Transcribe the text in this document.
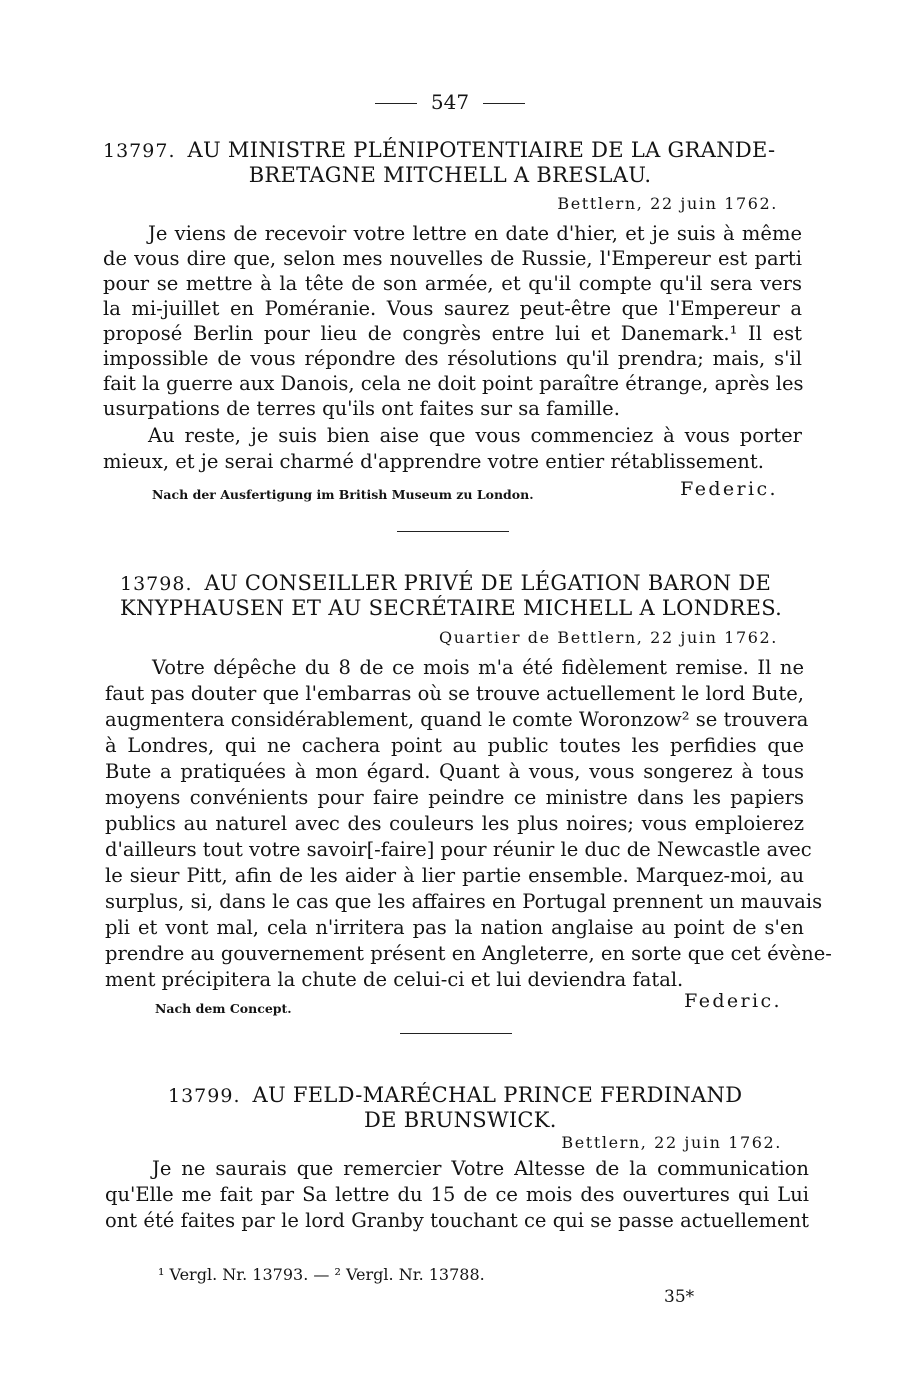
547
13797. AU MINISTRE PLÉNIPOTENTIAIRE DE LA GRANDE-
BRETAGNE MITCHELL A BRESLAU.
Bettlern, 22 juin 1762.
Je viens de recevoir votre lettre en date d'hier, et je suis à même
de vous dire que, selon mes nouvelles de Russie, l'Empereur est parti
pour se mettre à la tête de son armée, et qu'il compte qu'il sera vers
la mi-juillet en Poméranie. Vous saurez peut-être que l'Empereur a
proposé Berlin pour lieu de congrès entre lui et Danemark.¹ Il est
impossible de vous répondre des résolutions qu'il prendra; mais, s'il
fait la guerre aux Danois, cela ne doit point paraître étrange, après les
usurpations de terres qu'ils ont faites sur sa famille.
Au reste, je suis bien aise que vous commenciez à vous porter
mieux, et je serai charmé d'apprendre votre entier rétablissement.
Nach der Ausfertigung im British Museum zu London.	Federic.
13798. AU CONSEILLER PRIVÉ DE LÉGATION BARON DE
KNYPHAUSEN ET AU SECRÉTAIRE MICHELL A LONDRES.
Quartier de Bettlern, 22 juin 1762.
Votre dépêche du 8 de ce mois m'a été fidèlement remise. Il ne
faut pas douter que l'embarras où se trouve actuellement le lord Bute,
augmentera considérablement, quand le comte Woronzow² se trouvera
à Londres, qui ne cachera point au public toutes les perfidies que
Bute a pratiquées à mon égard. Quant à vous, vous songerez à tous
moyens convénients pour faire peindre ce ministre dans les papiers
publics au naturel avec des couleurs les plus noires; vous emploierez
d'ailleurs tout votre savoir[-faire] pour réunir le duc de Newcastle avec
le sieur Pitt, afin de les aider à lier partie ensemble. Marquez-moi, au
surplus, si, dans le cas que les affaires en Portugal prennent un mauvais
pli et vont mal, cela n'irritera pas la nation anglaise au point de s'en
prendre au gouvernement présent en Angleterre, en sorte que cet évène-
ment précipitera la chute de celui-ci et lui deviendra fatal.
Nach dem Concept.	Federic.
13799. AU FELD-MARÉCHAL PRINCE FERDINAND
DE BRUNSWICK.
Bettlern, 22 juin 1762.
Je ne saurais que remercier Votre Altesse de la communication
qu'Elle me fait par Sa lettre du 15 de ce mois des ouvertures qui Lui
ont été faites par le lord Granby touchant ce qui se passe actuellement
¹ Vergl. Nr. 13793. — ² Vergl. Nr. 13788.
35*
